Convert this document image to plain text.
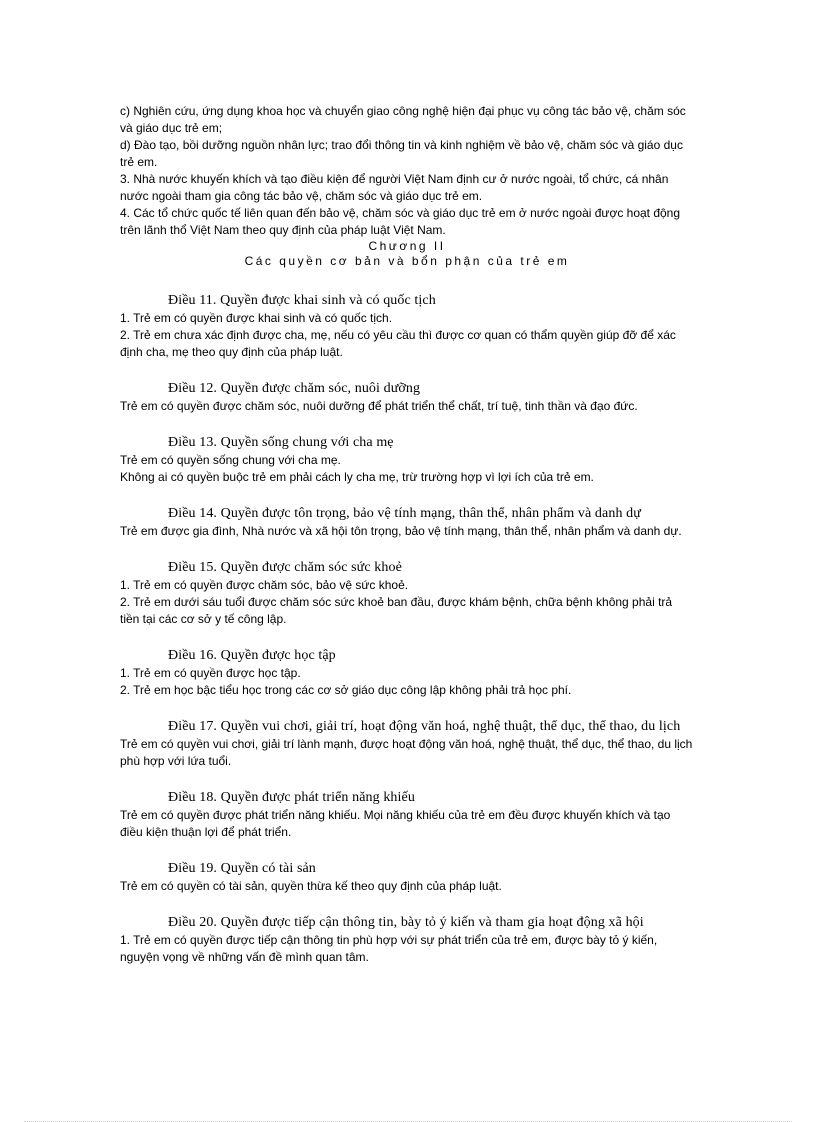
c) Nghiên cứu, ứng dụng khoa học và chuyển giao công nghệ hiện đại phục vụ công tác bảo vệ, chăm sóc và giáo dục trẻ em;

d) Đào tạo, bồi dưỡng nguồn nhân lực; trao đổi thông tin và kinh nghiệm về bảo vệ, chăm sóc và giáo dục trẻ em.

3. Nhà nước khuyến khích và tạo điều kiện để người Việt Nam định cư ở nước ngoài, tổ chức, cá nhân nước ngoài tham gia công tác bảo vệ, chăm sóc và giáo dục trẻ em.

4. Các tổ chức quốc tế liên quan đến bảo vệ, chăm sóc và giáo dục trẻ em ở nước ngoài được hoạt động trên lãnh thổ Việt Nam theo quy định của pháp luật Việt Nam.

Chương II

Các quyền cơ bản và bổn phận của trẻ em

Điều 11. Quyền được khai sinh và có quốc tịch

1. Trẻ em có quyền được khai sinh và có quốc tịch.

2. Trẻ em chưa xác định được cha, mẹ, nếu có yêu cầu thì được cơ quan có thẩm quyền giúp đỡ để xác định cha, mẹ theo quy định của pháp luật.

Điều 12. Quyền được chăm sóc, nuôi dưỡng

Trẻ em có quyền được chăm sóc, nuôi dưỡng để phát triển thể chất, trí tuệ, tinh thần và đạo đức.

Điều 13. Quyền sống chung với cha mẹ

Trẻ em có quyền sống chung với cha mẹ.

Không ai có quyền buộc trẻ em phải cách ly cha mẹ, trừ trường hợp vì lợi ích của trẻ em.

Điều 14. Quyền được tôn trọng, bảo vệ tính mạng, thân thể, nhân phẩm và danh dự

Trẻ em được gia đình, Nhà nước và xã hội tôn trọng, bảo vệ tính mạng, thân thể, nhân phẩm và danh dự.

Điều 15. Quyền được chăm sóc sức khoẻ

1. Trẻ em có quyền được chăm sóc, bảo vệ sức khoẻ.

2. Trẻ em dưới sáu tuổi được chăm sóc sức khoẻ ban đầu, được khám bệnh, chữa bệnh không phải trả tiền tại các cơ sở y tế công lập.

Điều 16. Quyền được học tập

1. Trẻ em có quyền được học tập.

2. Trẻ em học bậc tiểu học trong các cơ sở giáo dục công lập không phải trả học phí.

Điều 17. Quyền vui chơi, giải trí, hoạt động văn hoá, nghệ thuật, thể dục, thể thao, du lịch

Trẻ em có quyền vui chơi, giải trí lành mạnh, được hoạt động văn hoá, nghệ thuật, thể dục, thể thao, du lịch phù hợp với lứa tuổi.

Điều 18. Quyền được phát triển năng khiếu

Trẻ em có quyền được phát triển năng khiếu. Mọi năng khiếu của trẻ em đều được khuyến khích và tạo điều kiện thuận lợi để phát triển.

Điều 19. Quyền có tài sản

Trẻ em có quyền có tài sản, quyền thừa kế theo quy định của pháp luật.

Điều 20. Quyền được tiếp cận thông tin, bày tỏ ý kiến và tham gia hoạt động xã hội

1. Trẻ em có quyền được tiếp cận thông tin phù hợp với sự phát triển của trẻ em, được bày tỏ ý kiến, nguyện vọng về những vấn đề mình quan tâm.
